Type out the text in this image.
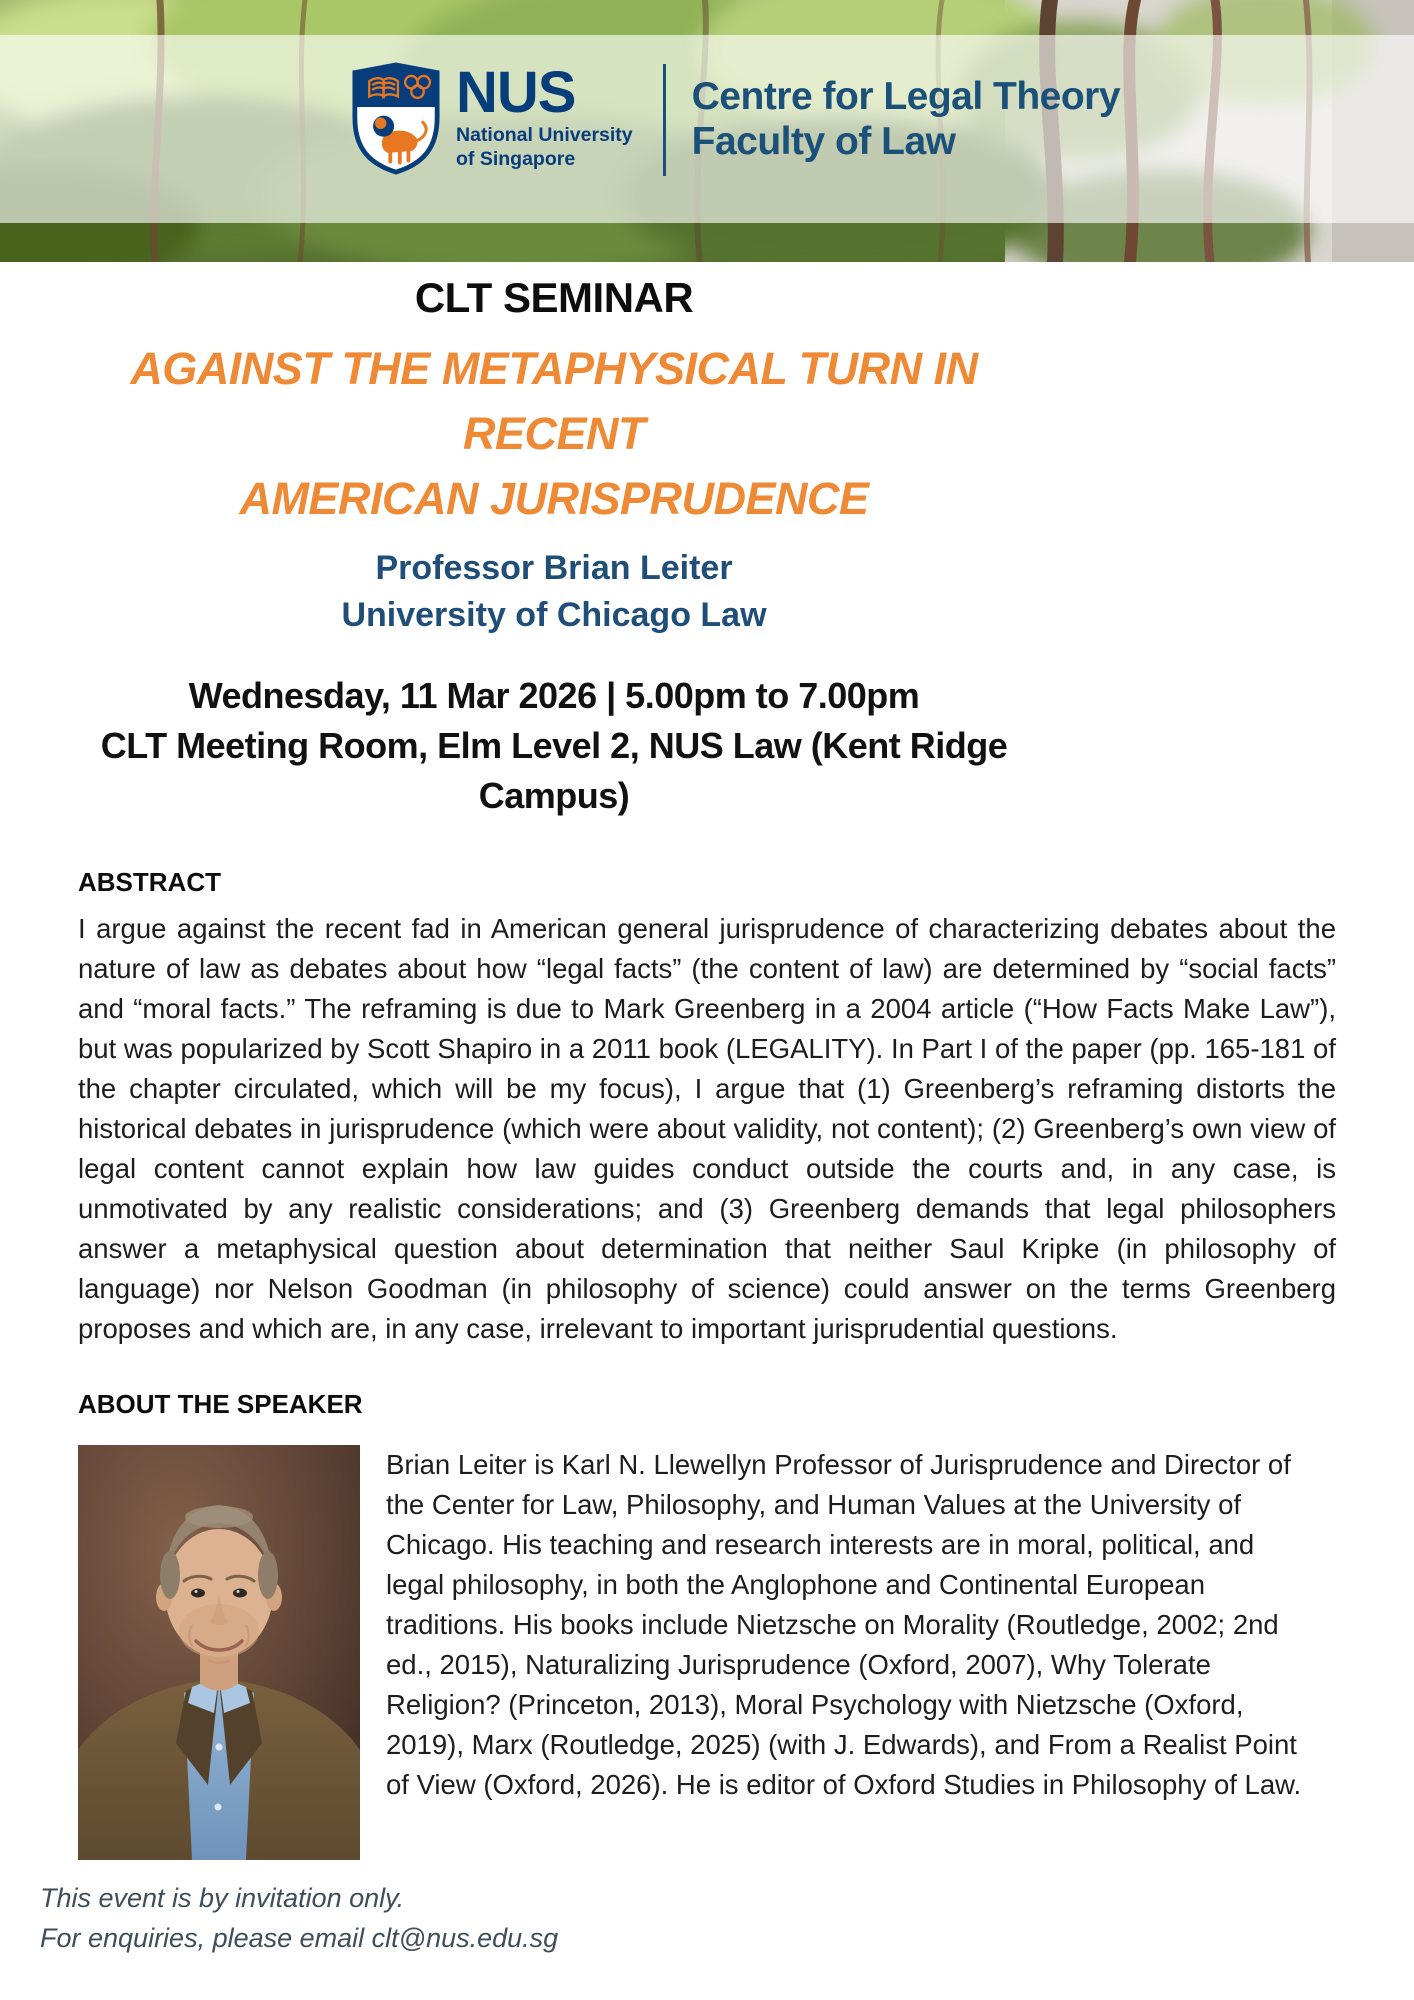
NUS
National University
of Singapore
Centre for Legal Theory
Faculty of Law
CLT SEMINAR
AGAINST THE METAPHYSICAL TURN IN RECENT
AMERICAN JURISPRUDENCE
Professor Brian Leiter
University of Chicago Law
Wednesday, 11 Mar 2026 | 5.00pm to 7.00pm
CLT Meeting Room, Elm Level 2, NUS Law (Kent Ridge Campus)
ABSTRACT
I argue against the recent fad in American general jurisprudence of characterizing debates about the nature of law as debates about how “legal facts” (the content of law) are determined by “social facts” and “moral facts.” The reframing is due to Mark Greenberg in a 2004 article (“How Facts Make Law”), but was popularized by Scott Shapiro in a 2011 book (LEGALITY). In Part I of the paper (pp. 165-181 of the chapter circulated, which will be my focus), I argue that (1) Greenberg’s reframing distorts the historical debates in jurisprudence (which were about validity, not content); (2) Greenberg’s own view of legal content cannot explain how law guides conduct outside the courts and, in any case, is unmotivated by any realistic considerations; and (3) Greenberg demands that legal philosophers answer a metaphysical question about determination that neither Saul Kripke (in philosophy of language) nor Nelson Goodman (in philosophy of science) could answer on the terms Greenberg proposes and which are, in any case, irrelevant to important jurisprudential questions.
ABOUT THE SPEAKER
Brian Leiter is Karl N. Llewellyn Professor of Jurisprudence and Director of the Center for Law, Philosophy, and Human Values at the University of Chicago. His teaching and research interests are in moral, political, and legal philosophy, in both the Anglophone and Continental European traditions. His books include Nietzsche on Morality (Routledge, 2002; 2nd ed., 2015), Naturalizing Jurisprudence (Oxford, 2007), Why Tolerate Religion? (Princeton, 2013), Moral Psychology with Nietzsche (Oxford, 2019), Marx (Routledge, 2025) (with J. Edwards), and From a Realist Point of View (Oxford, 2026). He is editor of Oxford Studies in Philosophy of Law.
This event is by invitation only.
For enquiries, please email clt@nus.edu.sg
